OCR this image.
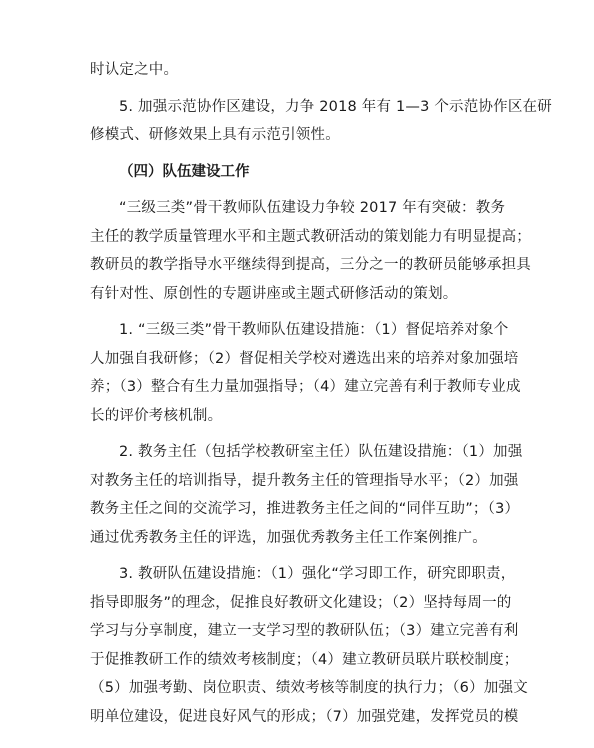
时认定之中。
5. 加强示范协作区建设，力争 2018 年有 1—3 个示范协作区在研
修模式、研修效果上具有示范引领性。
（四）队伍建设工作
“三级三类”骨干教师队伍建设力争较 2017 年有突破：教务
主任的教学质量管理水平和主题式教研活动的策划能力有明显提高；
教研员的教学指导水平继续得到提高，三分之一的教研员能够承担具
有针对性、原创性的专题讲座或主题式研修活动的策划。
1. “三级三类”骨干教师队伍建设措施：（1）督促培养对象个
人加强自我研修；（2）督促相关学校对遴选出来的培养对象加强培
养；（3）整合有生力量加强指导；（4）建立完善有利于教师专业成
长的评价考核机制。
2. 教务主任（包括学校教研室主任）队伍建设措施：（1）加强
对教务主任的培训指导，提升教务主任的管理指导水平；（2）加强
教务主任之间的交流学习，推进教务主任之间的“同伴互助”；（3）
通过优秀教务主任的评选，加强优秀教务主任工作案例推广。
3. 教研队伍建设措施：（1）强化“学习即工作，研究即职责，
指导即服务”的理念，促推良好教研文化建设；（2）坚持每周一的
学习与分享制度，建立一支学习型的教研队伍；（3）建立完善有利
于促推教研工作的绩效考核制度；（4）建立教研员联片联校制度；
（5）加强考勤、岗位职责、绩效考核等制度的执行力；（6）加强文
明单位建设，促进良好风气的形成；（7）加强党建，发挥党员的模
